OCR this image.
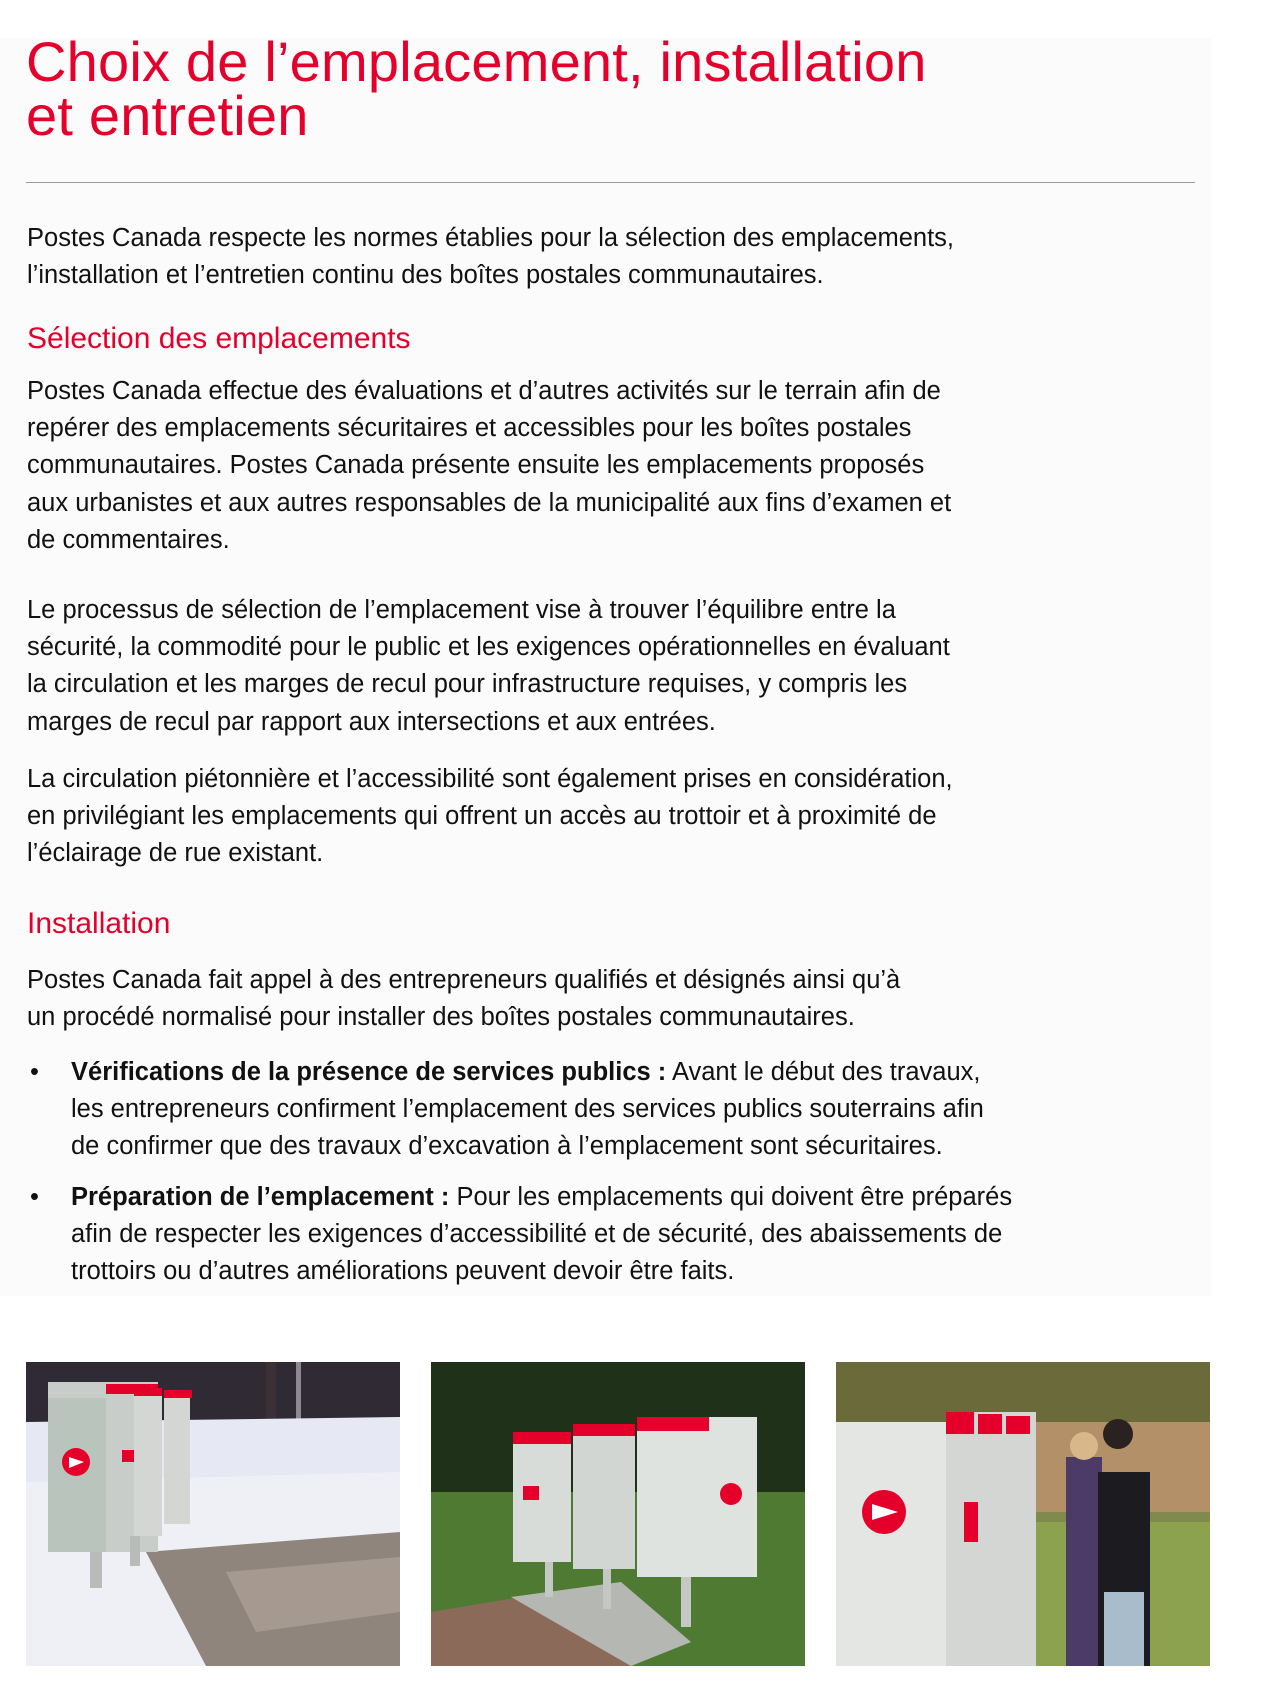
Choix de l’emplacement, installation
et entretien
Postes Canada respecte les normes établies pour la sélection des emplacements,
l’installation et l’entretien continu des boîtes postales communautaires.
Sélection des emplacements
Postes Canada effectue des évaluations et d’autres activités sur le terrain afin de
repérer des emplacements sécuritaires et accessibles pour les boîtes postales
communautaires. Postes Canada présente ensuite les emplacements proposés
aux urbanistes et aux autres responsables de la municipalité aux fins d’examen et
de commentaires.
Le processus de sélection de l’emplacement vise à trouver l’équilibre entre la
sécurité, la commodité pour le public et les exigences opérationnelles en évaluant
la circulation et les marges de recul pour infrastructure requises, y compris les
marges de recul par rapport aux intersections et aux entrées.
La circulation piétonnière et l’accessibilité sont également prises en considération,
en privilégiant les emplacements qui offrent un accès au trottoir et à proximité de
l’éclairage de rue existant.
Installation
Postes Canada fait appel à des entrepreneurs qualifiés et désignés ainsi qu’à
un procédé normalisé pour installer des boîtes postales communautaires.
• Vérifications de la présence de services publics : Avant le début des travaux,
les entrepreneurs confirment l’emplacement des services publics souterrains afin
de confirmer que des travaux d’excavation à l’emplacement sont sécuritaires.
• Préparation de l’emplacement : Pour les emplacements qui doivent être préparés
afin de respecter les exigences d’accessibilité et de sécurité, des abaissements de
trottoirs ou d’autres améliorations peuvent devoir être faits.
